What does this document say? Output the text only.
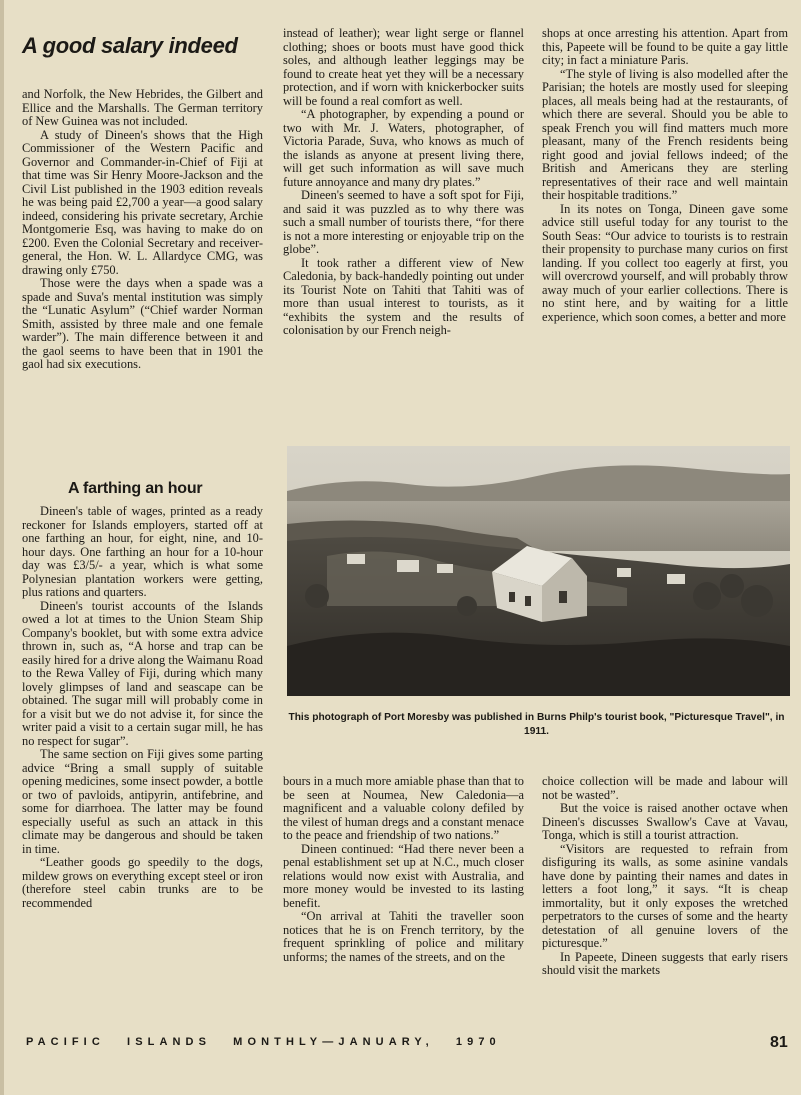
A good salary indeed

and Norfolk, the New Hebrides, the Gilbert and Ellice and the Marshalls. The German territory of New Guinea was not included.

A study of Dineen's shows that the High Commissioner of the Western Pacific and Governor and Commander-in-Chief of Fiji at that time was Sir Henry Moore-Jackson and the Civil List published in the 1903 edition reveals he was being paid £2,700 a year—a good salary indeed, considering his private secretary, Archie Montgomerie Esq, was having to make do on £200. Even the Colonial Secretary and receiver-general, the Hon. W. L. Allardyce CMG, was drawing only £750.

Those were the days when a spade was a spade and Suva's mental institution was simply the “Lunatic Asylum” (“Chief warder Norman Smith, assisted by three male and one female warder”). The main difference between it and the gaol seems to have been that in 1901 the gaol had six executions.

A farthing an hour

Dineen's table of wages, printed as a ready reckoner for Islands employers, started off at one farthing an hour, for eight, nine, and 10-hour days. One farthing an hour for a 10-hour day was £3/5/- a year, which is what some Polynesian plantation workers were getting, plus rations and quarters.

Dineen's tourist accounts of the Islands owed a lot at times to the Union Steam Ship Company's booklet, but with some extra advice thrown in, such as, “A horse and trap can be easily hired for a drive along the Waimanu Road to the Rewa Valley of Fiji, during which many lovely glimpses of land and seascape can be obtained. The sugar mill will probably come in for a visit but we do not advise it, for since the writer paid a visit to a certain sugar mill, he has no respect for sugar”.

The same section on Fiji gives some parting advice “Bring a small supply of suitable opening medicines, some insect powder, a bottle or two of pavloids, antipyrin, antifebrine, and some for diarrhoea. The latter may be found especially useful as such an attack in this climate may be dangerous and should be taken in time.

“Leather goods go speedily to the dogs, mildew grows on everything except steel or iron (therefore steel cabin trunks are to be recommended

instead of leather); wear light serge or flannel clothing; shoes or boots must have good thick soles, and although leather leggings may be found to create heat yet they will be a necessary protection, and if worn with knickerbocker suits will be found a real comfort as well.

“A photographer, by expending a pound or two with Mr. J. Waters, photographer, of Victoria Parade, Suva, who knows as much of the islands as anyone at present living there, will get such information as will save much future annoyance and many dry plates.”

Dineen's seemed to have a soft spot for Fiji, and said it was puzzled as to why there was such a small number of tourists there, “for there is not a more interesting or enjoyable trip on the globe”.

It took rather a different view of New Caledonia, by back-handedly pointing out under its Tourist Note on Tahiti that Tahiti was of more than usual interest to tourists, as it “exhibits the system and the results of colonisation by our French neigh-

shops at once arresting his attention. Apart from this, Papeete will be found to be quite a gay little city; in fact a miniature Paris.

“The style of living is also modelled after the Parisian; the hotels are mostly used for sleeping places, all meals being had at the restaurants, of which there are several. Should you be able to speak French you will find matters much more pleasant, many of the French residents being right good and jovial fellows indeed; of the British and Americans they are sterling representatives of their race and well maintain their hospitable traditions.”

In its notes on Tonga, Dineen gave some advice still useful today for any tourist to the South Seas: “Our advice to tourists is to restrain their propensity to purchase many curios on first landing. If you collect too eagerly at first, you will overcrowd yourself, and will probably throw away much of your earlier collections. There is no stint here, and by waiting for a little experience, which soon comes, a better and more

This photograph of Port Moresby was published in Burns Philp's tourist book, "Picturesque Travel", in 1911.

bours in a much more amiable phase than that to be seen at Noumea, New Caledonia—a magnificent and a valuable colony defiled by the vilest of human dregs and a constant menace to the peace and friendship of two nations.”

Dineen continued: “Had there never been a penal establishment set up at N.C., much closer relations would now exist with Australia, and more money would be invested to its lasting benefit.

“On arrival at Tahiti the traveller soon notices that he is on French territory, by the frequent sprinkling of police and military unforms; the names of the streets, and on the

choice collection will be made and labour will not be wasted”.

But the voice is raised another octave when Dineen's discusses Swallow's Cave at Vavau, Tonga, which is still a tourist attraction.

“Visitors are requested to refrain from disfiguring its walls, as some asinine vandals have done by painting their names and dates in letters a foot long,” it says. “It is cheap immortality, but it only exposes the wretched perpetrators to the curses of some and the hearty detestation of all genuine lovers of the picturesque.”

In Papeete, Dineen suggests that early risers should visit the markets

PACIFIC ISLANDS MONTHLY—JANUARY, 1970	81
